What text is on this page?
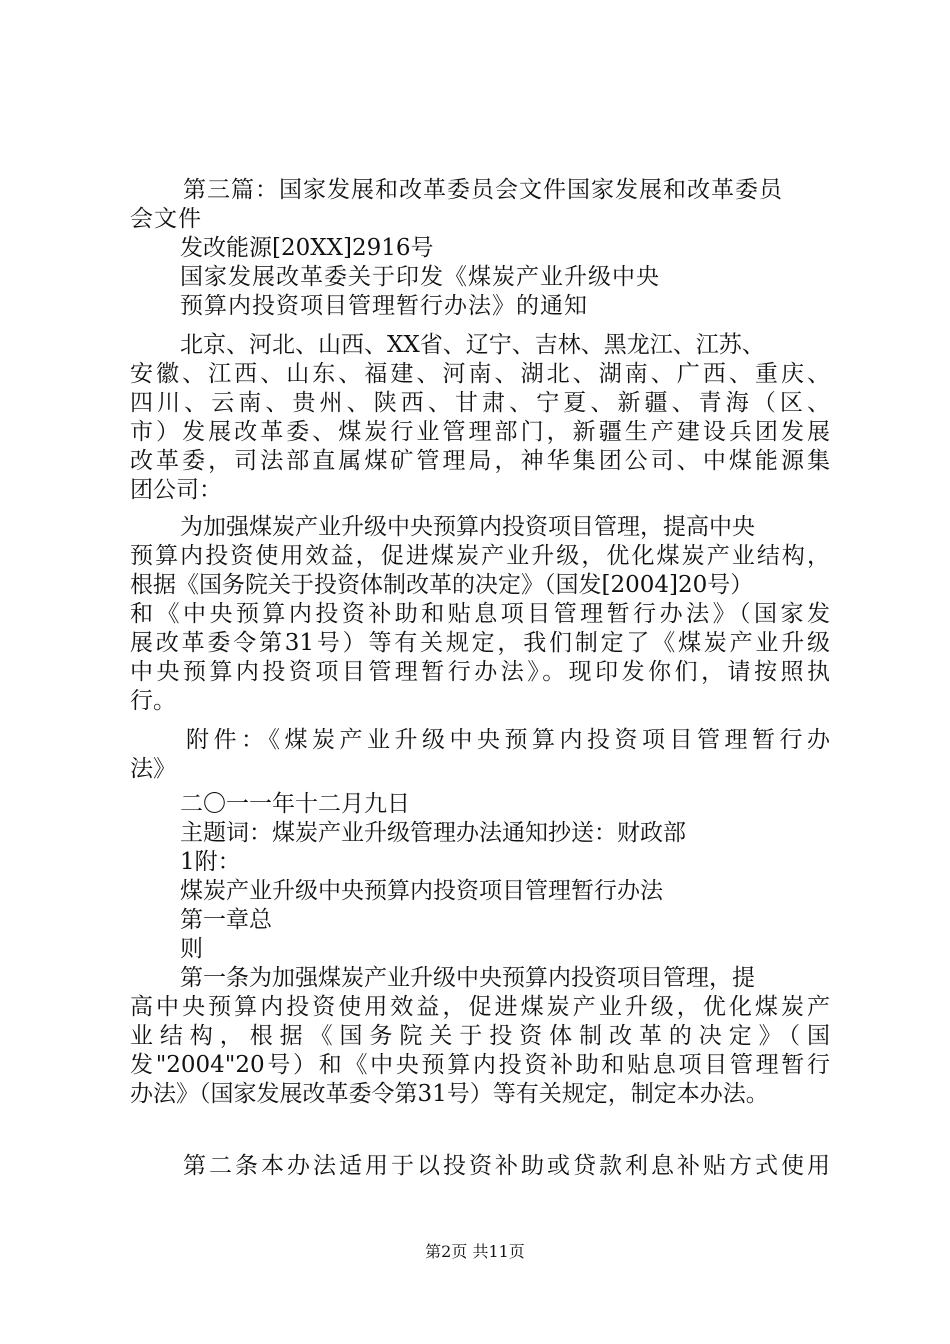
第三篇：国家发展和改革委员会文件国家发展和改革委员
会文件
发改能源[20XX]2916号
国家发展改革委关于印发《煤炭产业升级中央
预算内投资项目管理暂行办法》的通知
北京、河北、山西、XX省、辽宁、吉林、黑龙江、江苏、
安徽、江西、山东、福建、河南、湖北、湖南、广西、重庆、
四川、云南、贵州、陕西、甘肃、宁夏、新疆、青海（区、
市）发展改革委、煤炭行业管理部门，新疆生产建设兵团发展
改革委，司法部直属煤矿管理局，神华集团公司、中煤能源集
团公司：
为加强煤炭产业升级中央预算内投资项目管理，提高中央
预算内投资使用效益，促进煤炭产业升级，优化煤炭产业结构，
根据《国务院关于投资体制改革的决定》（国发[2004]20号）
和《中央预算内投资补助和贴息项目管理暂行办法》（国家发
展改革委令第31号）等有关规定，我们制定了《煤炭产业升级
中央预算内投资项目管理暂行办法》。现印发你们，请按照执
行。
附件：《煤炭产业升级中央预算内投资项目管理暂行办
法》
二〇一一年十二月九日
主题词：煤炭产业升级管理办法通知抄送：财政部
1附：
煤炭产业升级中央预算内投资项目管理暂行办法
第一章总
则
第一条为加强煤炭产业升级中央预算内投资项目管理，提
高中央预算内投资使用效益，促进煤炭产业升级，优化煤炭产
业结构，根据《国务院关于投资体制改革的决定》（国
发"2004"20号）和《中央预算内投资补助和贴息项目管理暂行
办法》（国家发展改革委令第31号）等有关规定，制定本办法。
第二条本办法适用于以投资补助或贷款利息补贴方式使用
第2页 共11页
